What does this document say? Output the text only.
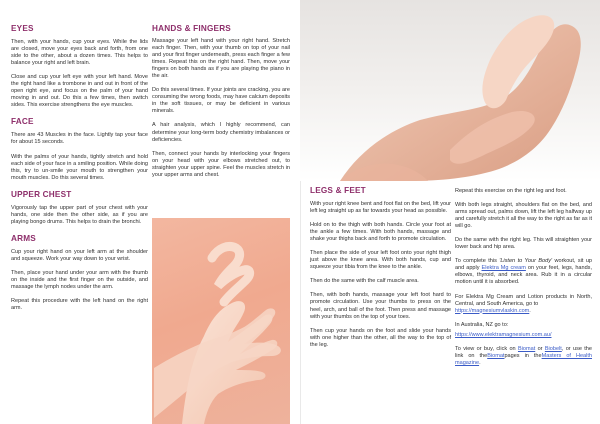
EYES

Then, with your hands, cup your eyes. While the lids are closed, move your eyes back and forth, from one side to the other, about a dozen times. This helps to balance your right and left brain.

Close and cup your left eye with your left hand. Move the right hand like a trombone in and out in front of the open right eye, and focus on the palm of your hand moving in and out. Do this a few times, then switch sides. This exercise strengthens the eye muscles.

FACE

There are 43 Muscles in the face. Lightly tap your face for about 15 seconds.

With the palms of your hands, tightly stretch and hold each side of your face in a smiling position. While doing this, try to un-smile your mouth to strengthen your mouth muscles. Do this several times.

UPPER CHEST

Vigorously tap the upper part of your chest with your hands, one side then the other side, as if you are playing bongo drums. This helps to drain the bronchi.

ARMS

Cup your right hand on your left arm at the shoulder and squeeze. Work your way down to your wrist.

Then, place your hand under your arm with the thumb on the inside and the first finger on the outside, and massage the lymph nodes under the arm.

Repeat this procedure with the left hand on the right arm.

HANDS & FINGERS

Massage your left hand with your right hand. Stretch each finger. Then, with your thumb on top of your nail and your first finger underneath, press each finger a few times. Repeat this on the right hand. Then, move your fingers on both hands as if you are playing the piano in the air.

Do this several times. If your joints are cracking, you are consuming the wrong foods, may have calcium deposits in the soft tissues, or may be deficient in various minerals.

A hair analysis, which I highly recommend, can determine your long-term body chemistry imbalances or deficiencies.

Then, connect your hands by interlocking your fingers on your head with your elbows stretched out, to straighten your upper spine. Feel the muscles stretch in your upper arms and chest.

LEGS & FEET

With your right knee bent and foot flat on the bed, lift your left leg straight up as far towards your head as possible.

Hold on to the thigh with both hands. Circle your foot at the ankle a few times. With both hands, massage and shake your thighs back and forth to promote circulation.

Then place the side of your left foot onto your right thigh just above the knee area. With both hands, cup and squeeze your tibia from the knee to the ankle.

Then do the same with the calf muscle area.

Then, with both hands, massage your left foot hard to promote circulation. Use your thumbs to press on the heel, arch, and ball of the foot. Then press and massage with your thumbs on the top of your toes.

Then cup your hands on the foot and slide your hands with one higher than the other, all the way to the top of the leg.

Repeat this exercise on the right leg and foot.

With both legs straight, shoulders flat on the bed, and arms spread out, palms down, lift the left leg halfway up and carefully stretch it all the way to the right as far as it will go.

Do the same with the right leg. This will straighten your lower back and hip area.

To complete this 'Listen to Your Body' workout, sit up and apply Elektra Mg cream on your feet, legs, hands, elbows, thyroid, and neck area. Rub it in a circular motion until it is absorbed.

For Elektra Mg Cream and Lotion products in North, Central, and South America, go to
https://magnesiumvlaskin.com.

In Australia, NZ go to:

https://www.elektramagnesium.com.au/

To view or buy, click on Biomat or Biobelt, or use the link on theBiomatpages in theMasters of Health magazine.
